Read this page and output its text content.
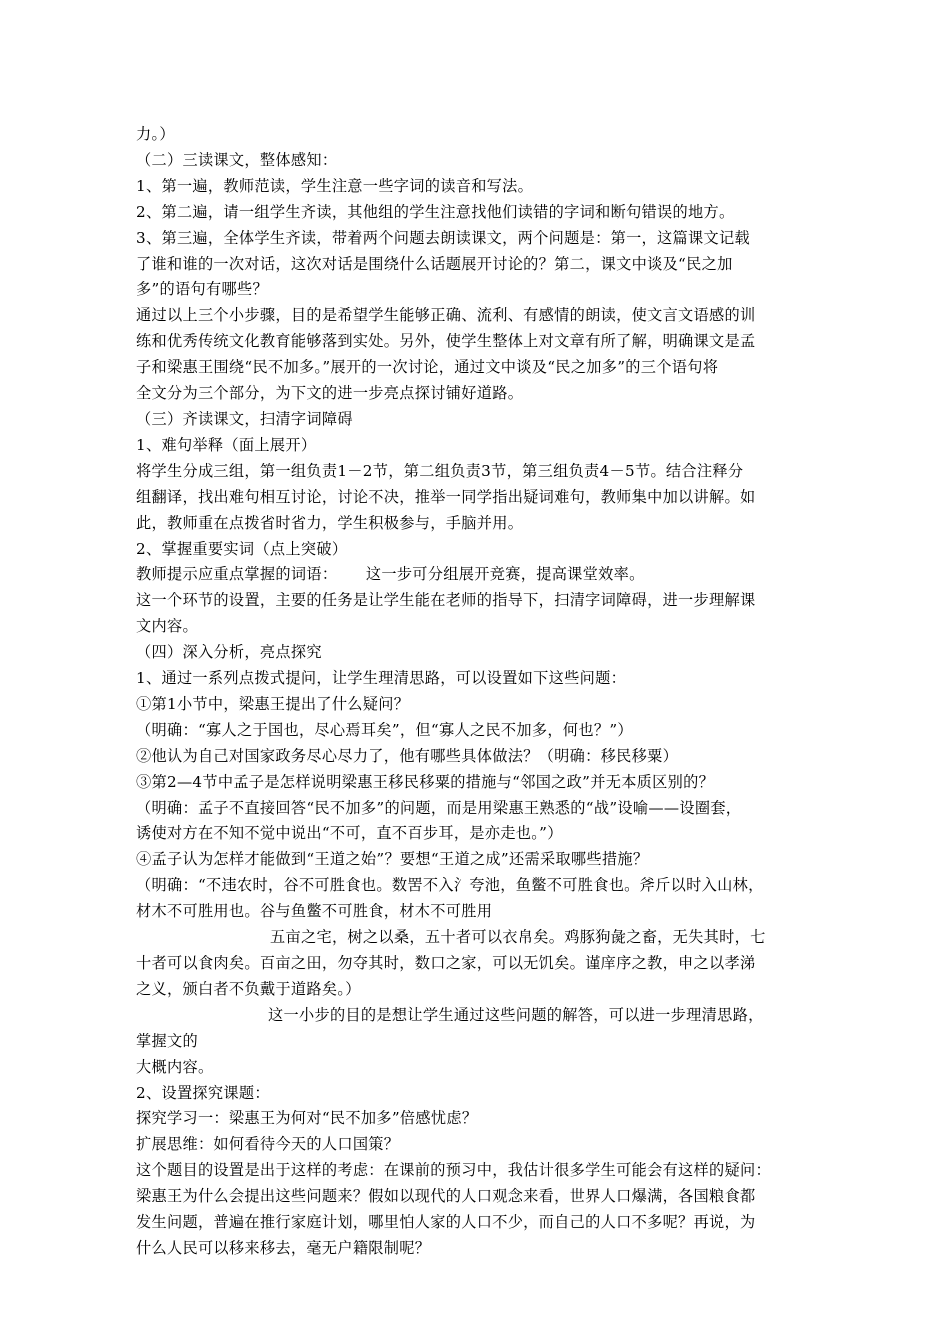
力。）

（二）三读课文，整体感知：

1、第一遍，教师范读，学生注意一些字词的读音和写法。

2、第二遍，请一组学生齐读，其他组的学生注意找他们读错的字词和断句错误的地方。

3、第三遍，全体学生齐读，带着两个问题去朗读课文，两个问题是：第一，这篇课文记载

了谁和谁的一次对话，这次对话是围绕什么话题展开讨论的？第二，课文中谈及“民之加

多”的语句有哪些？

通过以上三个小步骤，目的是希望学生能够正确、流利、有感情的朗读，使文言文语感的训

练和优秀传统文化教育能够落到实处。另外，使学生整体上对文章有所了解，明确课文是孟

子和梁惠王围绕“民不加多。”展开的一次讨论，通过文中谈及“民之加多”的三个语句将

全文分为三个部分，为下文的进一步亮点探讨铺好道路。

（三）齐读课文，扫清字词障碍

1、难句举释（面上展开）

将学生分成三组，第一组负责1－2节，第二组负责3节，第三组负责4－5节。结合注释分

组翻译，找出难句相互讨论，讨论不决，推举一同学指出疑词难句，教师集中加以讲解。如

此，教师重在点拨省时省力，学生积极参与，手脑并用。

2、掌握重要实词（点上突破）

教师提示应重点掌握的词语：　　 这一步可分组展开竞赛，提高课堂效率。

这一个环节的设置，主要的任务是让学生能在老师的指导下，扫清字词障碍，进一步理解课

文内容。

（四）深入分析，亮点探究

1、通过一系列点拨式提问，让学生理清思路，可以设置如下这些问题：

①第1小节中，梁惠王提出了什么疑问？

（明确：“寡人之于国也，尽心焉耳矣”，但“寡人之民不加多，何也？”）

②他认为自己对国家政务尽心尽力了，他有哪些具体做法？（明确：移民移粟）

③第2—4节中孟子是怎样说明梁惠王移民移粟的措施与“邻国之政”并无本质区别的？

（明确：孟子不直接回答“民不加多”的问题，而是用梁惠王熟悉的“战”设喻——设圈套，

诱使对方在不知不觉中说出“不可，直不百步耳，是亦走也。”）

④孟子认为怎样才能做到“王道之始”？要想“王道之成”还需采取哪些措施？

（明确：“不违农时，谷不可胜食也。数罟不入氵夸池，鱼鳖不可胜食也。斧斤以时入山林，

材木不可胜用也。谷与鱼鳖不可胜食，材木不可胜用

五亩之宅，树之以桑，五十者可以衣帛矣。鸡豚狗彘之畜，无失其时，七

十者可以食肉矣。百亩之田，勿夺其时，数口之家，可以无饥矣。谨庠序之教，申之以孝涕

之义，颁白者不负戴于道路矣。）

这一小步的目的是想让学生通过这些问题的解答，可以进一步理清思路，

掌握文的

大概内容。

2、设置探究课题：

探究学习一：梁惠王为何对“民不加多”倍感忧虑？

扩展思维：如何看待今天的人口国策？

这个题目的设置是出于这样的考虑：在课前的预习中，我估计很多学生可能会有这样的疑问：

梁惠王为什么会提出这些问题来？假如以现代的人口观念来看，世界人口爆满，各国粮食都

发生问题，普遍在推行家庭计划，哪里怕人家的人口不少，而自己的人口不多呢？再说，为

什么人民可以移来移去，毫无户籍限制呢？
